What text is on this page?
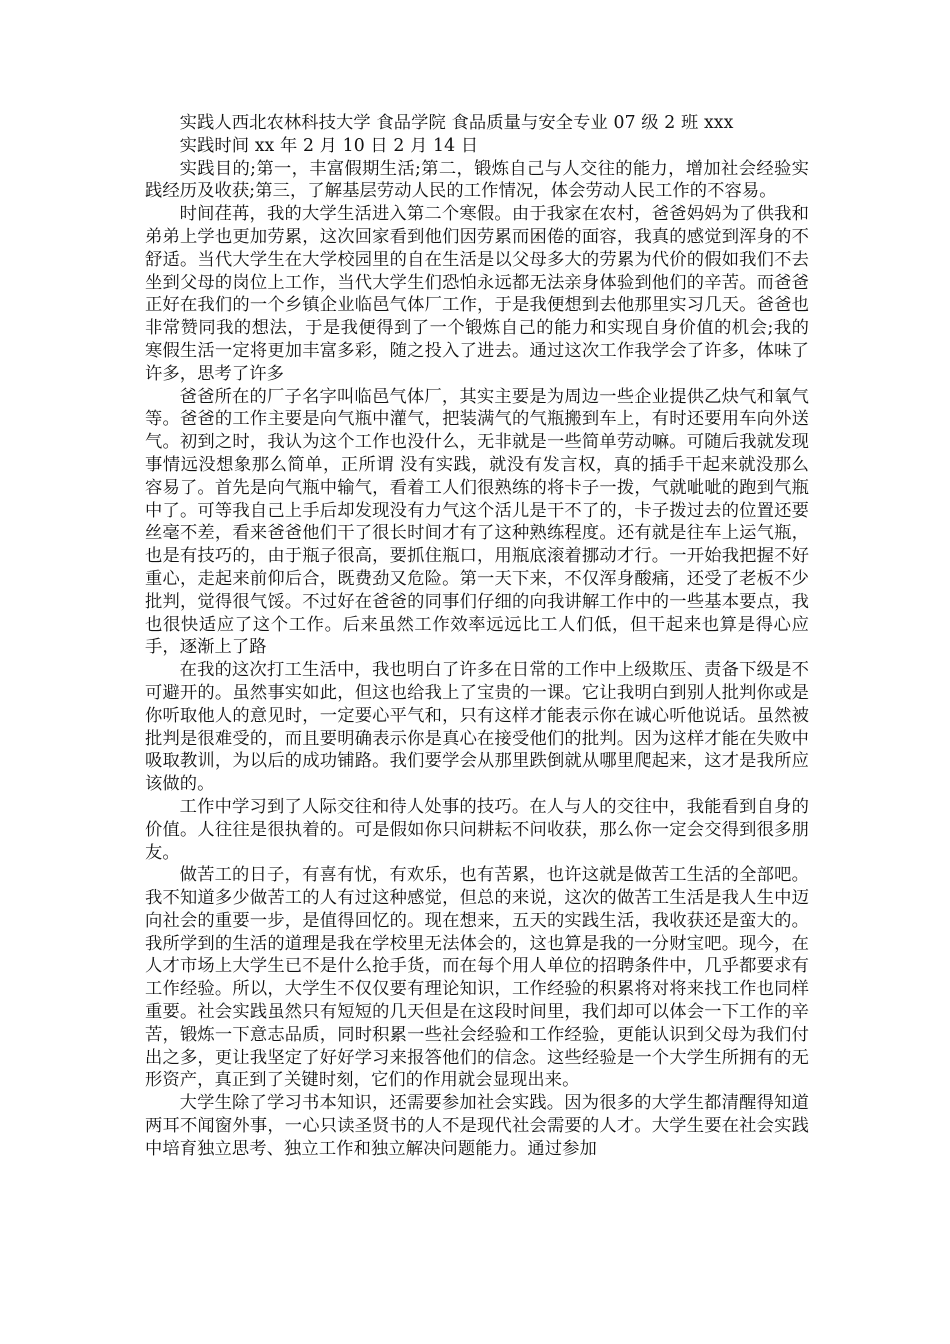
实践人西北农林科技大学 食品学院 食品质量与安全专业 07 级 2 班 xxx

实践时间 xx 年 2 月 10 日 2 月 14 日

实践目的;第一，丰富假期生活;第二，锻炼自己与人交往的能力，增加社会经验实践经历及收获;第三，了解基层劳动人民的工作情况，体会劳动人民工作的不容易。

时间荏苒，我的大学生活进入第二个寒假。由于我家在农村，爸爸妈妈为了供我和弟弟上学也更加劳累，这次回家看到他们因劳累而困倦的面容，我真的感觉到浑身的不舒适。当代大学生在大学校园里的自在生活是以父母多大的劳累为代价的假如我们不去坐到父母的岗位上工作，当代大学生们恐怕永远都无法亲身体验到他们的辛苦。而爸爸正好在我们的一个乡镇企业临邑气体厂工作，于是我便想到去他那里实习几天。爸爸也非常赞同我的想法，于是我便得到了一个锻炼自己的能力和实现自身价值的机会;我的寒假生活一定将更加丰富多彩，随之投入了进去。通过这次工作我学会了许多，体味了许多，思考了许多

爸爸所在的厂子名字叫临邑气体厂，其实主要是为周边一些企业提供乙炔气和氧气等。爸爸的工作主要是向气瓶中灌气，把装满气的气瓶搬到车上，有时还要用车向外送气。初到之时，我认为这个工作也没什么，无非就是一些简单劳动嘛。可随后我就发现事情远没想象那么简单，正所谓 没有实践，就没有发言权，真的插手干起来就没那么容易了。首先是向气瓶中输气，看着工人们很熟练的将卡子一拨，气就呲呲的跑到气瓶中了。可等我自己上手后却发现没有力气这个活儿是干不了的，卡子拨过去的位置还要丝毫不差，看来爸爸他们干了很长时间才有了这种熟练程度。还有就是往车上运气瓶，也是有技巧的，由于瓶子很高，要抓住瓶口，用瓶底滚着挪动才行。一开始我把握不好重心，走起来前仰后合，既费劲又危险。第一天下来，不仅浑身酸痛，还受了老板不少批判，觉得很气馁。不过好在爸爸的同事们仔细的向我讲解工作中的一些基本要点，我也很快适应了这个工作。后来虽然工作效率远远比工人们低，但干起来也算是得心应手，逐渐上了路

在我的这次打工生活中，我也明白了许多在日常的工作中上级欺压、责备下级是不可避开的。虽然事实如此，但这也给我上了宝贵的一课。它让我明白到别人批判你或是你听取他人的意见时，一定要心平气和，只有这样才能表示你在诚心听他说话。虽然被批判是很难受的，而且要明确表示你是真心在接受他们的批判。因为这样才能在失败中吸取教训，为以后的成功铺路。我们要学会从那里跌倒就从哪里爬起来，这才是我所应该做的。

工作中学习到了人际交往和待人处事的技巧。在人与人的交往中，我能看到自身的价值。人往往是很执着的。可是假如你只问耕耘不问收获，那么你一定会交得到很多朋友。

做苦工的日子，有喜有忧，有欢乐，也有苦累，也许这就是做苦工生活的全部吧。我不知道多少做苦工的人有过这种感觉，但总的来说，这次的做苦工生活是我人生中迈向社会的重要一步，是值得回忆的。现在想来，五天的实践生活，我收获还是蛮大的。我所学到的生活的道理是我在学校里无法体会的，这也算是我的一分财宝吧。现今，在人才市场上大学生已不是什么抢手货，而在每个用人单位的招聘条件中，几乎都要求有工作经验。所以，大学生不仅仅要有理论知识，工作经验的积累将对将来找工作也同样重要。社会实践虽然只有短短的几天但是在这段时间里，我们却可以体会一下工作的辛苦，锻炼一下意志品质，同时积累一些社会经验和工作经验，更能认识到父母为我们付出之多，更让我坚定了好好学习来报答他们的信念。这些经验是一个大学生所拥有的无形资产，真正到了关键时刻，它们的作用就会显现出来。

大学生除了学习书本知识，还需要参加社会实践。因为很多的大学生都清醒得知道 两耳不闻窗外事，一心只读圣贤书的人不是现代社会需要的人才。大学生要在社会实践中培育独立思考、独立工作和独立解决问题能力。通过参加
